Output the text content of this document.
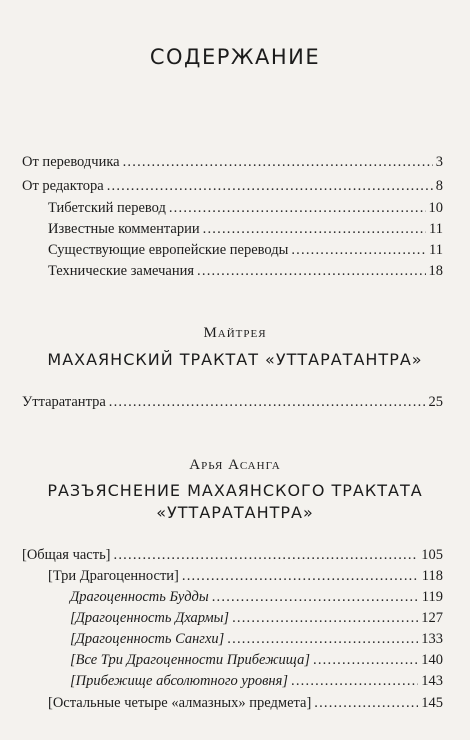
СОДЕРЖАНИЕ
От переводчика .....	3
От редактора .....	8
Тибетский перевод .....	10
Известные комментарии .....	11
Существующие европейские переводы .....	11
Технические замечания .....	18
Майтрея
МАХАЯНСКИЙ ТРАКТАТ «УТТАРАТАНТРА»
Уттаратантра .....	25
Арья Асанга
РАЗЪЯСНЕНИЕ МАХАЯНСКОГО ТРАКТАТА
«УТТАРАТАНТРА»
[Общая часть] .....	105
[Три Драгоценности] .....	118
Драгоценность Будды .....	119
[Драгоценность Дхармы] .....	127
[Драгоценность Сангхи] .....	133
[Все Три Драгоценности Прибежища] .....	140
[Прибежище абсолютного уровня] .....	143
[Остальные четыре «алмазных» предмета] .....	145
